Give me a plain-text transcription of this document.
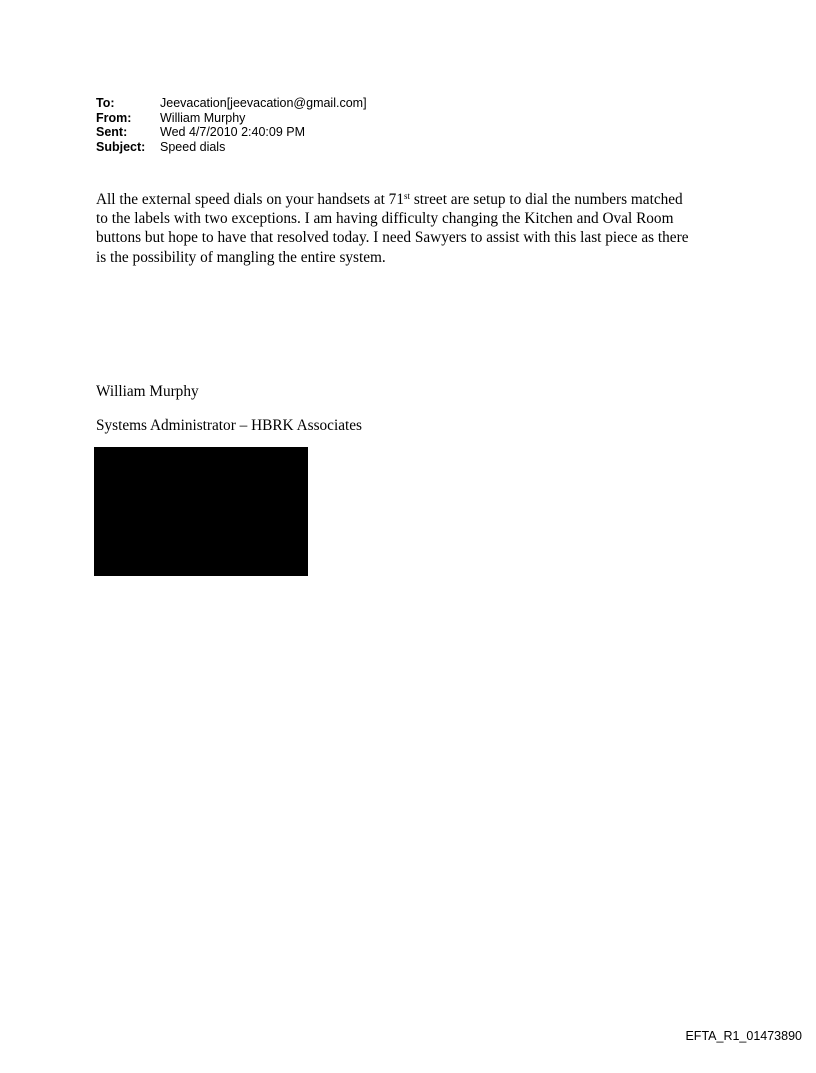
To:	Jeevacation[jeevacation@gmail.com]
From:	William Murphy
Sent:	Wed 4/7/2010 2:40:09 PM
Subject:	Speed dials

All the external speed dials on your handsets at 71st street are setup to dial the numbers matched

to the labels with two exceptions. I am having difficulty changing the Kitchen and Oval Room

buttons but hope to have that resolved today. I need Sawyers to assist with this last piece as there

is the possibility of mangling the entire system.

William Murphy
Systems Administrator – HBRK Associates
EFTA_R1_01473890
